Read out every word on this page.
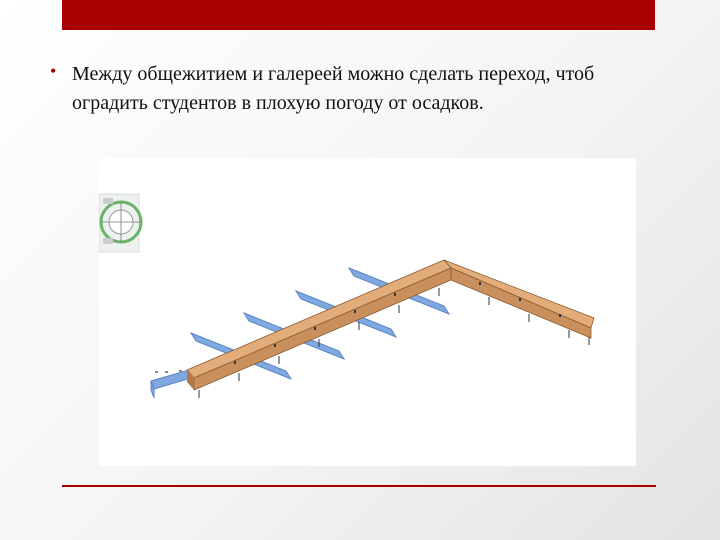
• Между общежитием и галереей можно сделать переход, чтоб оградить студентов в плохую погоду от осадков.
